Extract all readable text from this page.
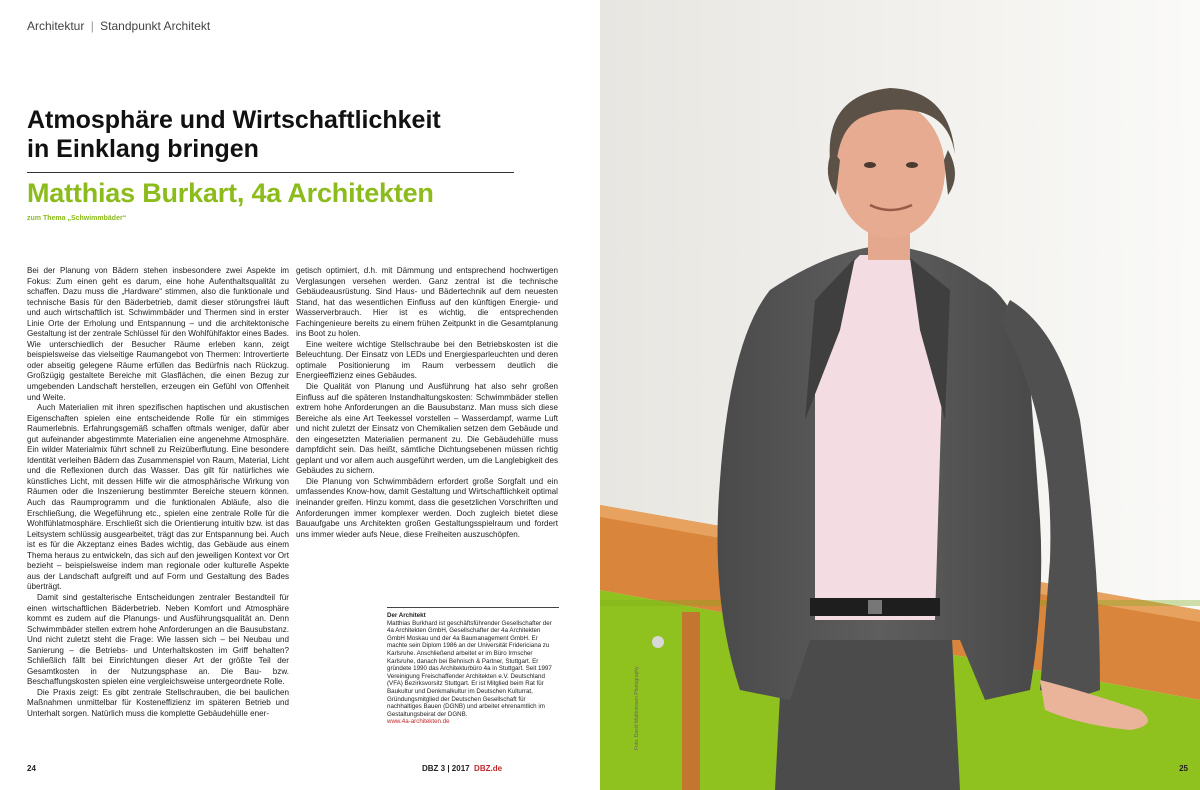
Architektur | Standpunkt Architekt
Atmosphäre und Wirtschaftlichkeit
in Einklang bringen
Matthias Burkart, 4a Architekten
zum Thema „Schwimmbäder“

Bei der Planung von Bädern stehen insbesondere zwei Aspekte im Fokus: Zum einen geht es darum, eine hohe Aufenthaltsqualität zu schaffen. Dazu muss die „Hardware“ stimmen, also die funktionale und technische Basis für den Bäderbetrieb, damit dieser störungsfrei läuft und auch wirtschaftlich ist. Schwimmbäder und Thermen sind in erster Linie Orte der Erholung und Entspannung – und die architektonische Gestaltung ist der zentrale Schlüssel für den Wohlfühlfaktor eines Bades. Wie unterschiedlich der Besucher Räume erleben kann, zeigt beispielsweise das vielseitige Raumangebot von Thermen: Introvertierte oder abseitig gelegene Räume erfüllen das Bedürfnis nach Rückzug. Großzügig gestaltete Bereiche mit Glasflächen, die einen Bezug zur umgebenden Landschaft herstellen, erzeugen ein Gefühl von Offenheit und Weite.

Auch Materialien mit ihren spezifischen haptischen und akustischen Eigenschaften spielen eine entscheidende Rolle für ein stimmiges Raumerlebnis. Erfahrungsgemäß schaffen oftmals weniger, dafür aber gut aufeinander abgestimmte Materialien eine angenehme Atmosphäre. Ein wilder Materialmix führt schnell zu Reizüberflutung. Eine besondere Identität verleihen Bädern das Zusammenspiel von Raum, Material, Licht und die Reflexionen durch das Wasser. Das gilt für natürliches wie künstliches Licht, mit dessen Hilfe wir die atmosphärische Wirkung von Räumen oder die Inszenierung bestimmter Bereiche steuern können. Auch das Raumprogramm und die funktionalen Abläufe, also die Erschließung, die Wegeführung etc., spielen eine zentrale Rolle für die Wohlfühlatmosphäre. Erschließt sich die Orientierung intuitiv bzw. ist das Leitsystem schlüssig ausgearbeitet, trägt das zur Entspannung bei. Auch ist es für die Akzeptanz eines Bades wichtig, das Gebäude aus einem Thema heraus zu entwickeln, das sich auf den jeweiligen Kontext vor Ort bezieht – beispielsweise indem man regionale oder kulturelle Aspekte aus der Landschaft aufgreift und auf Form und Gestaltung des Bades überträgt.

Damit sind gestalterische Entscheidungen zentraler Bestandteil für einen wirtschaftlichen Bäderbetrieb. Neben Komfort und Atmosphäre kommt es zudem auf die Planungs- und Ausführungsqualität an. Denn Schwimmbäder stellen extrem hohe Anforderungen an die Bausubstanz. Und nicht zuletzt steht die Frage: Wie lassen sich – bei Neubau und Sanierung – die Betriebs- und Unterhaltskosten im Griff behalten? Schließlich fällt bei Einrichtungen dieser Art der größte Teil der Gesamtkosten in der Nutzungsphase an. Die Bau- bzw. Beschaffungskosten spielen eine vergleichsweise untergeordnete Rolle.

Die Praxis zeigt: Es gibt zentrale Stellschrauben, die bei baulichen Maßnahmen unmittelbar für Kosteneffizienz im späteren Betrieb und Unterhalt sorgen. Natürlich muss die komplette Gebäudehülle ener-

getisch optimiert, d.h. mit Dämmung und entsprechend hochwertigen Verglasungen versehen werden. Ganz zentral ist die technische Gebäudeausrüstung. Sind Haus- und Bädertechnik auf dem neuesten Stand, hat das wesentlichen Einfluss auf den künftigen Energie- und Wasserverbrauch. Hier ist es wichtig, die entsprechenden Fachingenieure bereits zu einem frühen Zeitpunkt in die Gesamtplanung ins Boot zu holen.

Eine weitere wichtige Stellschraube bei den Betriebskosten ist die Beleuchtung. Der Einsatz von LEDs und Energiesparleuchten und deren optimale Positionierung im Raum verbessern deutlich die Energieeffizienz eines Gebäudes.

Die Qualität von Planung und Ausführung hat also sehr großen Einfluss auf die späteren Instandhaltungskosten: Schwimmbäder stellen extrem hohe Anforderungen an die Bausubstanz. Man muss sich diese Bereiche als eine Art Teekessel vorstellen – Wasserdampf, warme Luft und nicht zuletzt der Einsatz von Chemikalien setzen dem Gebäude und den eingesetzten Materialien permanent zu. Die Gebäudehülle muss dampfdicht sein. Das heißt, sämtliche Dichtungsebenen müssen richtig geplant und vor allem auch ausgeführt werden, um die Langlebigkeit des Gebäudes zu sichern.

Die Planung von Schwimmbädern erfordert große Sorgfalt und ein umfassendes Know-how, damit Gestaltung und Wirtschaftlichkeit optimal ineinander greifen. Hinzu kommt, dass die gesetzlichen Vorschriften und Anforderungen immer komplexer werden. Doch zugleich bietet diese Bauaufgabe uns Architekten großen Gestaltungsspielraum und fordert uns immer wieder aufs Neue, diese Freiheiten auszuschöpfen.

Der Architekt
Matthias Burkhard ist geschäftsführender Gesellschafter der 4a Architekten GmbH, Gesellschafter der 4a Architekten GmbH Moskau und der 4a Baumanagement GmbH. Er machte sein Diplom 1986 an der Universität Fridericiana zu Karlsruhe. Anschließend arbeitet er im Büro Irmscher Karlsruhe, danach bei Behnisch & Partner, Stuttgart. Er gründete 1990 das Architekturbüro 4a in Stuttgart. Seit 1997 Vereinigung Freischaffender Architekten e.V. Deutschland (VFA) Bezirksvorsitz Stuttgart. Er ist Mitglied beim Rat für Baukultur und Denkmalkultur im Deutschen Kulturrat, Gründungsmitglied der Deutschen Gesellschaft für nachhaltiges Bauen (DGNB) und arbeitet ehrenamtlich im Gestaltungsbeirat der DGNB.
www.4a-architekten.de
24	DBZ 3 | 2017 DBZ.de
Foto: David Matthiessen Photography
25
